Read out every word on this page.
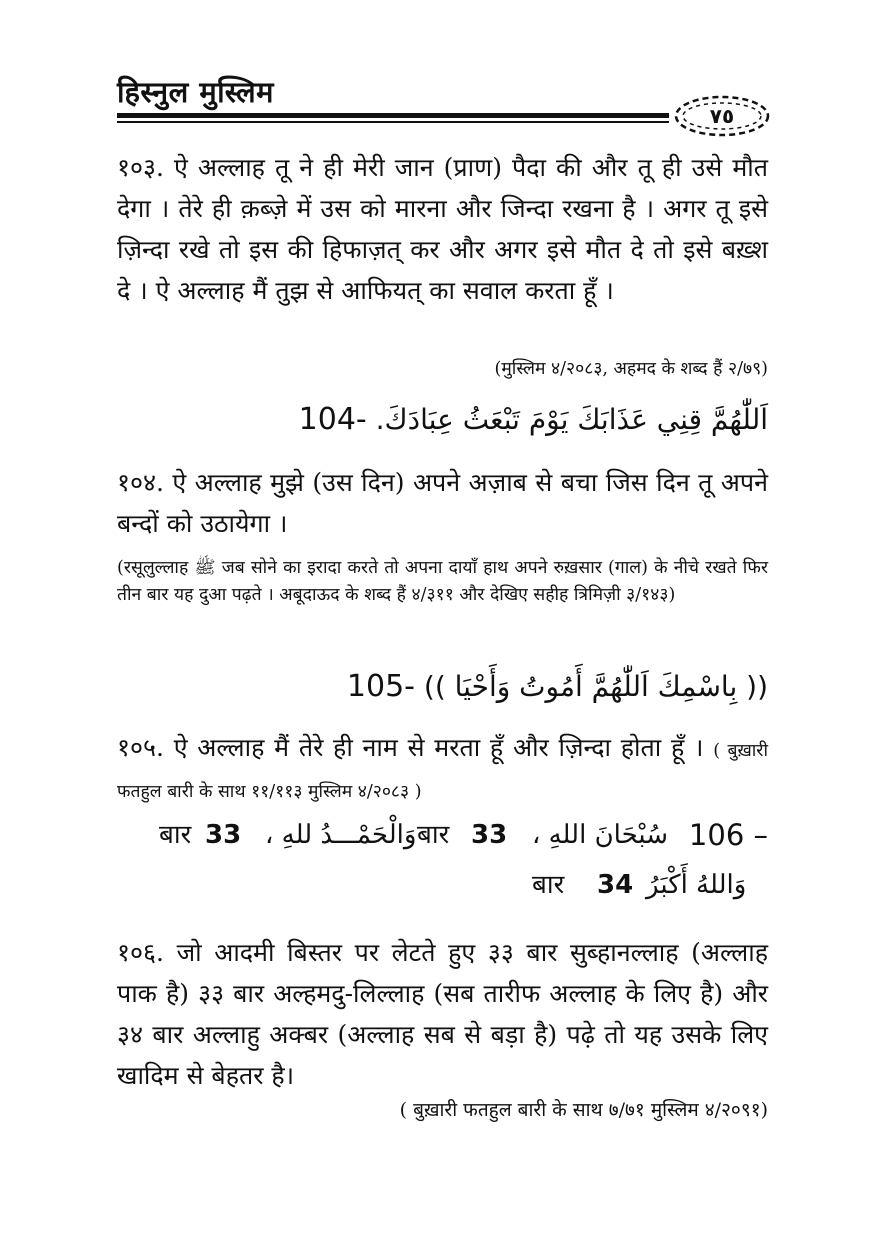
हिस्नुल मुस्लिम
٧٥
१०३. ऐ अल्लाह तू ने ही मेरी जान (प्राण) पैदा की और तू ही उसे मौत देगा । तेरे ही क़ब्ज़े में उस को मारना और जिन्दा रखना है । अगर तू इसे ज़िन्दा रखे तो इस की हिफाज़त् कर और अगर इसे मौत दे तो इसे बख़्श दे । ऐ अल्लाह मैं तुझ से आफियत् का सवाल करता हूँ ।
(मुस्लिम ४/२०८३, अहमद के शब्द हैं २/७९)
104- اَللّٰهُمَّ قِنِي عَذَابَكَ يَوْمَ تَبْعَثُ عِبَادَكَ.
१०४. ऐ अल्लाह मुझे (उस दिन) अपने अज़ाब से बचा जिस दिन तू अपने बन्दों को उठायेगा ।
(रसूलुल्लाह ﷺ जब सोने का इरादा करते तो अपना दायाँ हाथ अपने रुख़सार (गाल) के नीचे रखते फिर तीन बार यह दुआ पढ़ते । अबूदाऊद के शब्द हैं ४/३११ और देखिए सहीह त्रिमिज़ी ३/१४३)
105- (( بِاسْمِكَ اَللّٰهُمَّ أَمُوتُ وَأَحْيَا ))
१०५. ऐ अल्लाह मैं तेरे ही नाम से मरता हूँ और ज़िन्दा होता हूँ । ( बुख़ारी फतहुल बारी के साथ ११/११३ मुस्लिम ४/२०८३ )
106 –
سُبْحَانَ اللهِ ،
33
बार
وَالْحَمْـــدُ للهِ ،
33
बार
وَاللهُ أَكْبَرُ
34
बार
१०६. जो आदमी बिस्तर पर लेटते हुए ३३ बार सुब्हानल्लाह (अल्लाह पाक है) ३३ बार अल्हमदु-लिल्लाह (सब तारीफ अल्लाह के लिए है) और ३४ बार अल्लाहु अक्बर (अल्लाह सब से बड़ा है) पढ़े तो यह उसके लिए खादिम से बेहतर है।
( बुख़ारी फतहुल बारी के साथ ७/७१ मुस्लिम ४/२०९१)
